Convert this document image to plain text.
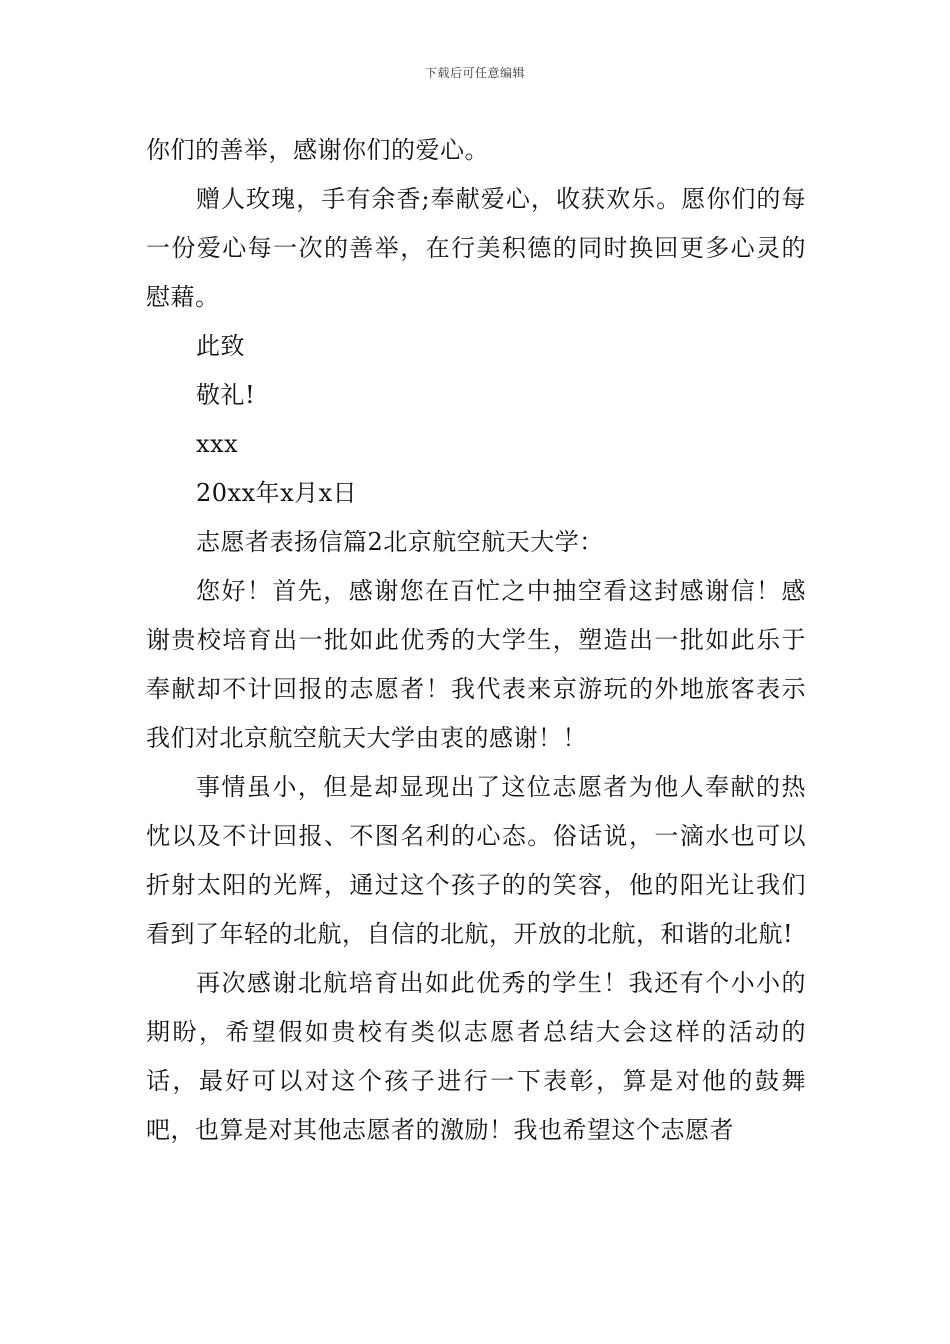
下载后可任意编辑

你们的善举，感谢你们的爱心。

赠人玫瑰，手有余香;奉献爱心，收获欢乐。愿你们的每一份爱心每一次的善举，在行美积德的同时换回更多心灵的慰藉。

此致

敬礼!

xxx

20xx年x月x日

志愿者表扬信篇2北京航空航天大学：

您好！首先，感谢您在百忙之中抽空看这封感谢信！感谢贵校培育出一批如此优秀的大学生，塑造出一批如此乐于奉献却不计回报的志愿者！我代表来京游玩的外地旅客表示我们对北京航空航天大学由衷的感谢！！

事情虽小，但是却显现出了这位志愿者为他人奉献的热忱以及不计回报、不图名利的心态。俗话说，一滴水也可以折射太阳的光辉，通过这个孩子的的笑容，他的阳光让我们看到了年轻的北航，自信的北航，开放的北航，和谐的北航!

再次感谢北航培育出如此优秀的学生！我还有个小小的期盼，希望假如贵校有类似志愿者总结大会这样的活动的话，最好可以对这个孩子进行一下表彰，算是对他的鼓舞吧，也算是对其他志愿者的激励！我也希望这个志愿者
